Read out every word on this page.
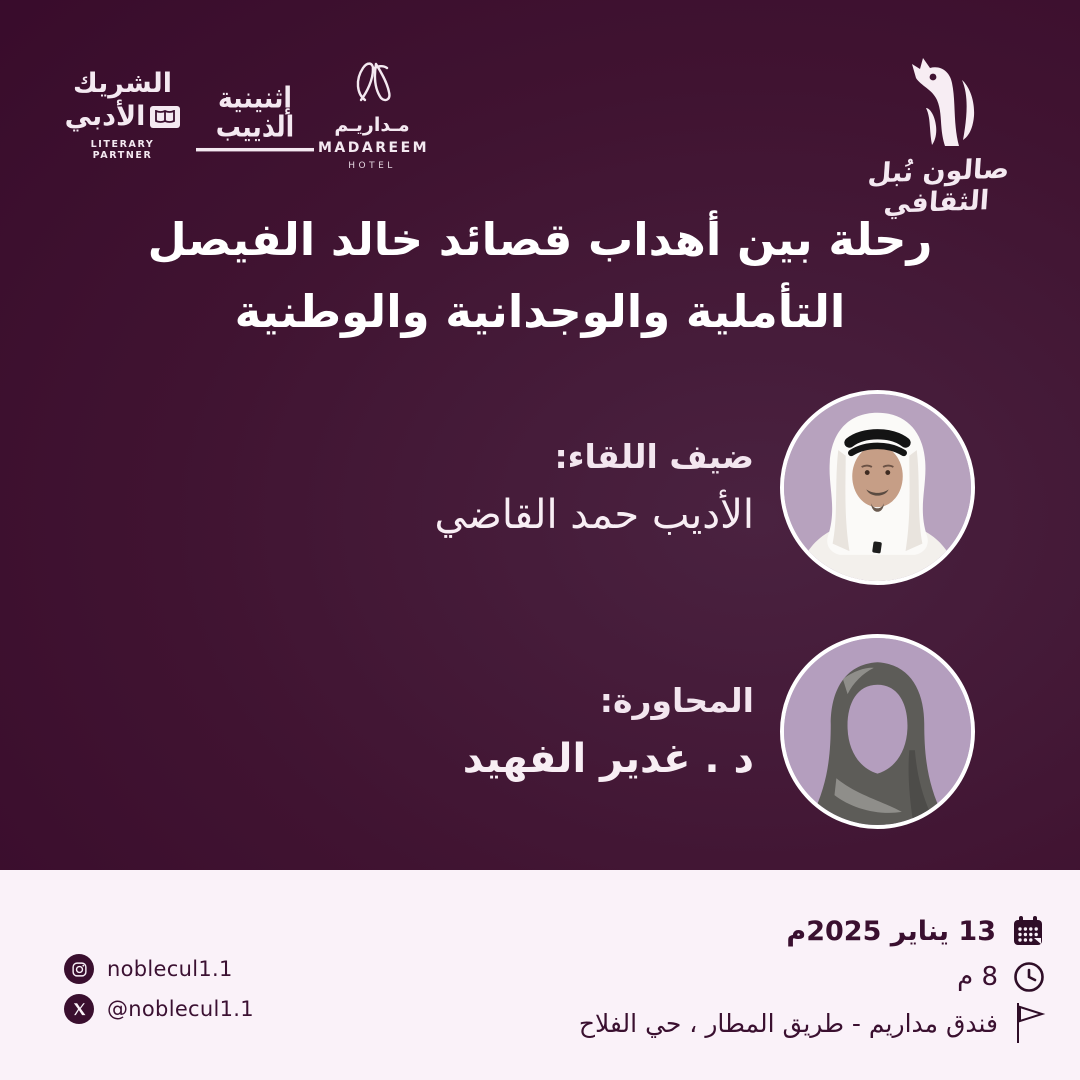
الشريك
الأدبي
LITERARY PARTNER
إثنينية الذييب	مـداريـم
MADAREEM
HOTEL	صالون نُبل الثقافي
رحلة بين أهداب قصائد خالد الفيصل
التأملية والوجدانية والوطنية
ضيف اللقاء:
الأديب حمد القاضي
المحاورة:
د . غدير الفهيد
noblecul1.1
@noblecul1.1
13 يناير 2025م
8 م
فندق مداريم - طريق المطار ، حي الفلاح
